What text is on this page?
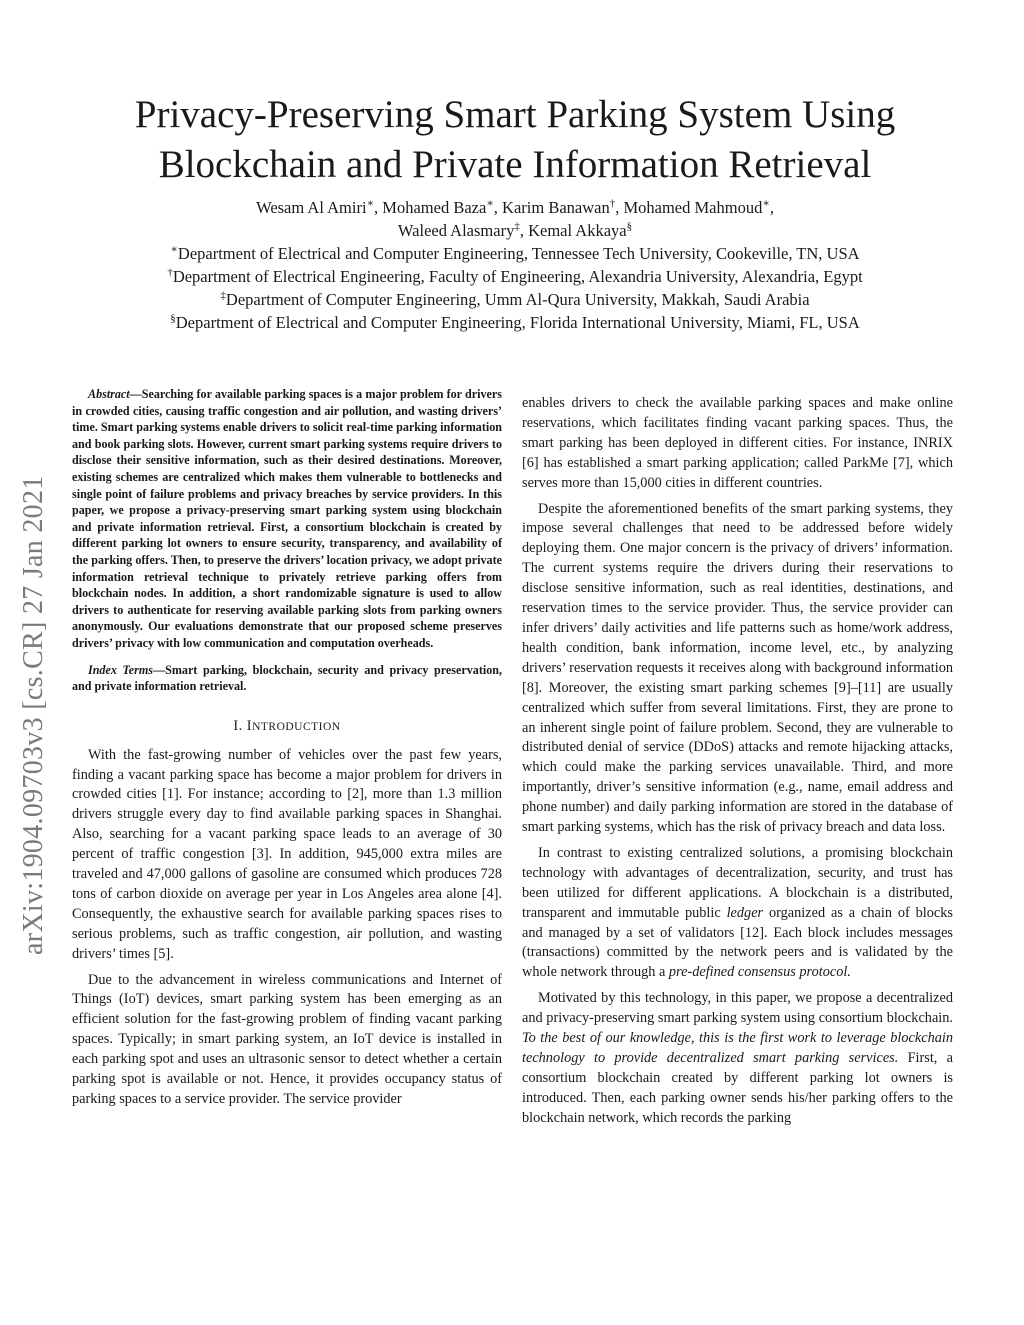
Privacy-Preserving Smart Parking System Using
Blockchain and Private Information Retrieval
Wesam Al Amiri∗, Mohamed Baza∗, Karim Banawan†, Mohamed Mahmoud∗,
Waleed Alasmary‡, Kemal Akkaya§
∗Department of Electrical and Computer Engineering, Tennessee Tech University, Cookeville, TN, USA
†Department of Electrical Engineering, Faculty of Engineering, Alexandria University, Alexandria, Egypt
‡Department of Computer Engineering, Umm Al-Qura University, Makkah, Saudi Arabia
§Department of Electrical and Computer Engineering, Florida International University, Miami, FL, USA
arXiv:1904.09703v3 [cs.CR] 27 Jan 2021

Abstract—Searching for available parking spaces is a major problem for drivers in crowded cities, causing traffic congestion and air pollution, and wasting drivers’ time. Smart parking systems enable drivers to solicit real-time parking information and book parking slots. However, current smart parking systems require drivers to disclose their sensitive information, such as their desired destinations. Moreover, existing schemes are centralized which makes them vulnerable to bottlenecks and single point of failure problems and privacy breaches by service providers. In this paper, we propose a privacy-preserving smart parking system using blockchain and private information retrieval. First, a consortium blockchain is created by different parking lot owners to ensure security, transparency, and availability of the parking offers. Then, to preserve the drivers’ location privacy, we adopt private information retrieval technique to privately retrieve parking offers from blockchain nodes. In addition, a short randomizable signature is used to allow drivers to authenticate for reserving available parking slots from parking owners anonymously. Our evaluations demonstrate that our proposed scheme preserves drivers’ privacy with low communication and computation overheads.

Index Terms—Smart parking, blockchain, security and privacy preservation, and private information retrieval.

I. INTRODUCTION

With the fast-growing number of vehicles over the past few years, finding a vacant parking space has become a major problem for drivers in crowded cities [1]. For instance; according to [2], more than 1.3 million drivers struggle every day to find available parking spaces in Shanghai. Also, searching for a vacant parking space leads to an average of 30 percent of traffic congestion [3]. In addition, 945,000 extra miles are traveled and 47,000 gallons of gasoline are consumed which produces 728 tons of carbon dioxide on average per year in Los Angeles area alone [4]. Consequently, the exhaustive search for available parking spaces rises to serious problems, such as traffic congestion, air pollution, and wasting drivers’ times [5].

Due to the advancement in wireless communications and Internet of Things (IoT) devices, smart parking system has been emerging as an efficient solution for the fast-growing problem of finding vacant parking spaces. Typically; in smart parking system, an IoT device is installed in each parking spot and uses an ultrasonic sensor to detect whether a certain parking spot is available or not. Hence, it provides occupancy status of parking spaces to a service provider. The service provider

enables drivers to check the available parking spaces and make online reservations, which facilitates finding vacant parking spaces. Thus, the smart parking has been deployed in different cities. For instance, INRIX [6] has established a smart parking application; called ParkMe [7], which serves more than 15,000 cities in different countries.

Despite the aforementioned benefits of the smart parking systems, they impose several challenges that need to be addressed before widely deploying them. One major concern is the privacy of drivers’ information. The current systems require the drivers during their reservations to disclose sensitive information, such as real identities, destinations, and reservation times to the service provider. Thus, the service provider can infer drivers’ daily activities and life patterns such as home/work address, health condition, bank information, income level, etc., by analyzing drivers’ reservation requests it receives along with background information [8]. Moreover, the existing smart parking schemes [9]–[11] are usually centralized which suffer from several limitations. First, they are prone to an inherent single point of failure problem. Second, they are vulnerable to distributed denial of service (DDoS) attacks and remote hijacking attacks, which could make the parking services unavailable. Third, and more importantly, driver’s sensitive information (e.g., name, email address and phone number) and daily parking information are stored in the database of smart parking systems, which has the risk of privacy breach and data loss.

In contrast to existing centralized solutions, a promising blockchain technology with advantages of decentralization, security, and trust has been utilized for different applications. A blockchain is a distributed, transparent and immutable public ledger organized as a chain of blocks and managed by a set of validators [12]. Each block includes messages (transactions) committed by the network peers and is validated by the whole network through a pre-defined consensus protocol.

Motivated by this technology, in this paper, we propose a decentralized and privacy-preserving smart parking system using consortium blockchain. To the best of our knowledge, this is the first work to leverage blockchain technology to provide decentralized smart parking services. First, a consortium blockchain created by different parking lot owners is introduced. Then, each parking owner sends his/her parking offers to the blockchain network, which records the parking
